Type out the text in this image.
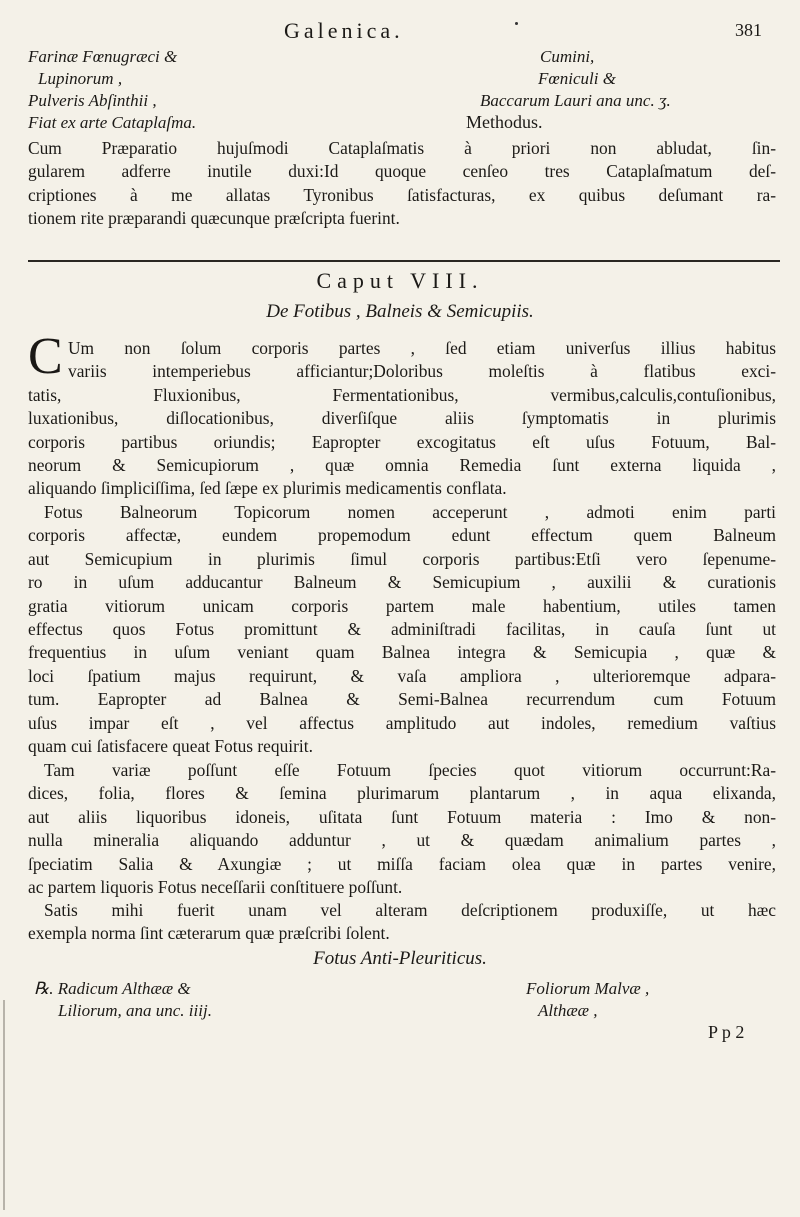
Galenica.	381
Farinæ Fœnugræci &
Lupinorum ,
Pulveris Abſinthii ,
Fiat ex arte Cataplaſma.
Cumini,
Fœniculi &
Baccarum Lauri ana unc. ʒ.
Methodus.
Cum Præparatio hujuſmodi Cataplaſmatis à priori non abludat, ſin-
gularem adferre inutile duxi:Id quoque cenſeo tres Cataplaſmatum deſ-
criptiones à me allatas Tyronibus ſatisfacturas, ex quibus deſumant ra-
tionem rite præparandi quæcunque præſcripta fuerint.
Caput VIII.
De Fotibus , Balneis & Semicupiis.
C Um non ſolum corporis partes , ſed etiam univerſus illius habitus
variis intemperiebus afficiantur;Doloribus moleſtis à flatibus exci-
tatis, Fluxionibus, Fermentationibus, vermibus,calculis,contuſionibus,
luxationibus, diſlocationibus, diverſiſque aliis ſymptomatis in plurimis
corporis partibus oriundis; Eapropter excogitatus eſt uſus Fotuum, Bal-
neorum & Semicupiorum , quæ omnia Remedia ſunt externa liquida ,
aliquando ſimpliciſſima, ſed ſæpe ex plurimis medicamentis conflata.
Fotus Balneorum Topicorum nomen acceperunt , admoti enim parti
corporis affectæ, eundem propemodum edunt effectum quem Balneum
aut Semicupium in plurimis ſimul corporis partibus:Etſi vero ſepenume-
ro in uſum adducantur Balneum & Semicupium , auxilii & curationis
gratia vitiorum unicam corporis partem male habentium, utiles tamen
effectus quos Fotus promittunt & adminiſtradi facilitas, in cauſa ſunt ut
frequentius in uſum veniant quam Balnea integra & Semicupia , quæ &
loci ſpatium majus requirunt, & vaſa ampliora , ulterioremque adpara-
tum. Eapropter ad Balnea & Semi-Balnea recurrendum cum Fotuum
uſus impar eſt , vel affectus amplitudo aut indoles, remedium vaſtius
quam cui ſatisfacere queat Fotus requirit.
Tam variæ poſſunt eſſe Fotuum ſpecies quot vitiorum occurrunt:Ra-
dices, folia, flores & ſemina plurimarum plantarum , in aqua elixanda,
aut aliis liquoribus idoneis, uſitata ſunt Fotuum materia : Imo & non-
nulla mineralia aliquando adduntur , ut & quædam animalium partes ,
ſpeciatim Salia & Axungiæ ; ut miſſa faciam olea quæ in partes venire,
ac partem liquoris Fotus neceſſarii conſtituere poſſunt.
Satis mihi fuerit unam vel alteram deſcriptionem produxiſſe, ut hæc
exempla norma ſint cæterarum quæ præſcribi ſolent.
Fotus Anti-Pleuriticus.
℞. Radicum Althææ &
Liliorum, ana unc. iiij.
Foliorum Malvæ ,
Althææ ,
P p 2
